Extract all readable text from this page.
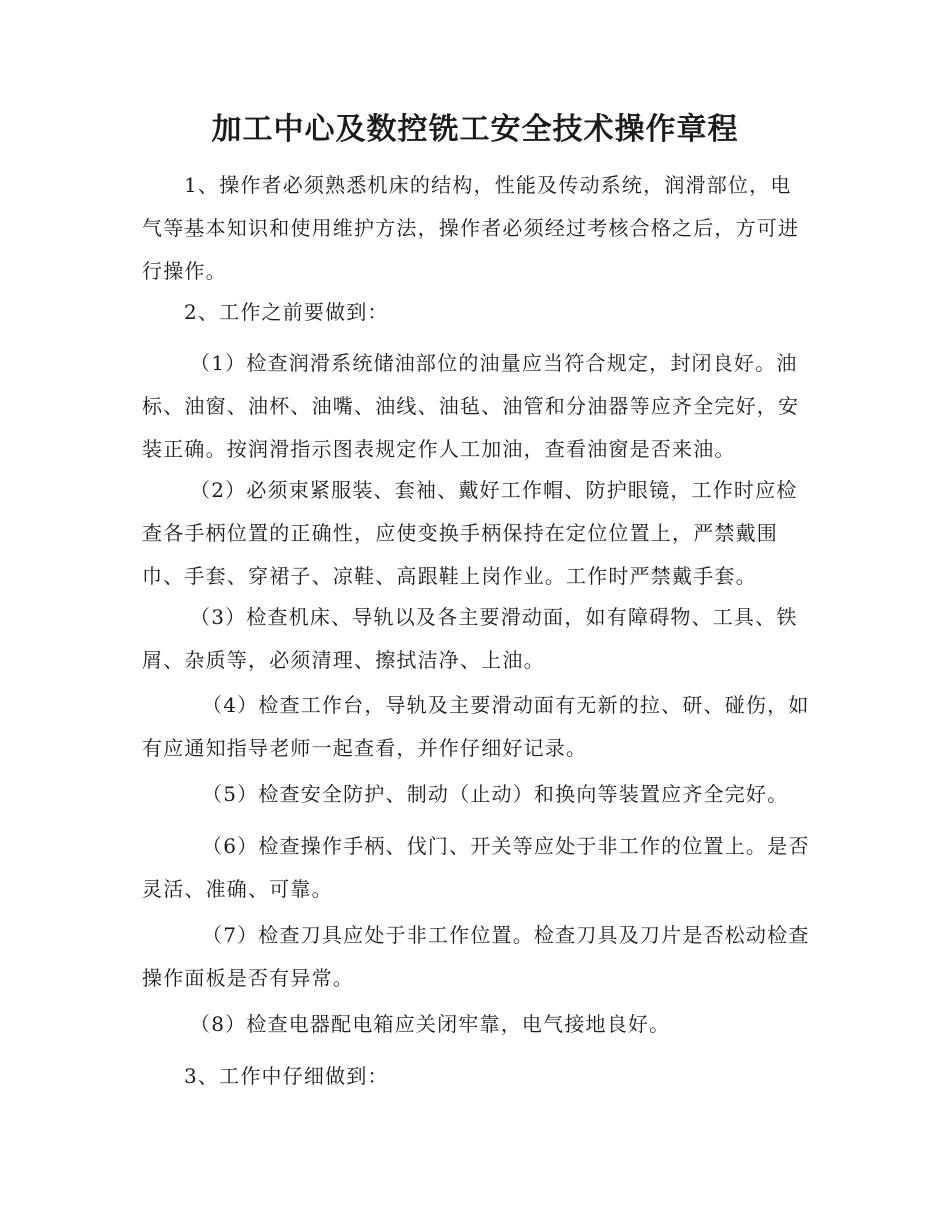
加工中心及数控铣工安全技术操作章程
1、操作者必须熟悉机床的结构，性能及传动系统，润滑部位，电气等基本知识和使用维护方法，操作者必须经过考核合格之后，方可进行操作。
2、工作之前要做到：
（1）检查润滑系统储油部位的油量应当符合规定，封闭良好。油标、油窗、油杯、油嘴、油线、油毡、油管和分油器等应齐全完好，安装正确。按润滑指示图表规定作人工加油，查看油窗是否来油。
（2）必须束紧服装、套袖、戴好工作帽、防护眼镜，工作时应检查各手柄位置的正确性，应使变换手柄保持在定位位置上，严禁戴围巾、手套、穿裙子、凉鞋、高跟鞋上岗作业。工作时严禁戴手套。
（3）检查机床、导轨以及各主要滑动面，如有障碍物、工具、铁屑、杂质等，必须清理、擦拭洁净、上油。
（4）检查工作台，导轨及主要滑动面有无新的拉、研、碰伤，如有应通知指导老师一起查看，并作仔细好记录。
（5）检查安全防护、制动（止动）和换向等装置应齐全完好。
（6）检查操作手柄、伐门、开关等应处于非工作的位置上。是否灵活、准确、可靠。
（7）检查刀具应处于非工作位置。检查刀具及刀片是否松动检查操作面板是否有异常。
（8）检查电器配电箱应关闭牢靠，电气接地良好。
3、工作中仔细做到：
